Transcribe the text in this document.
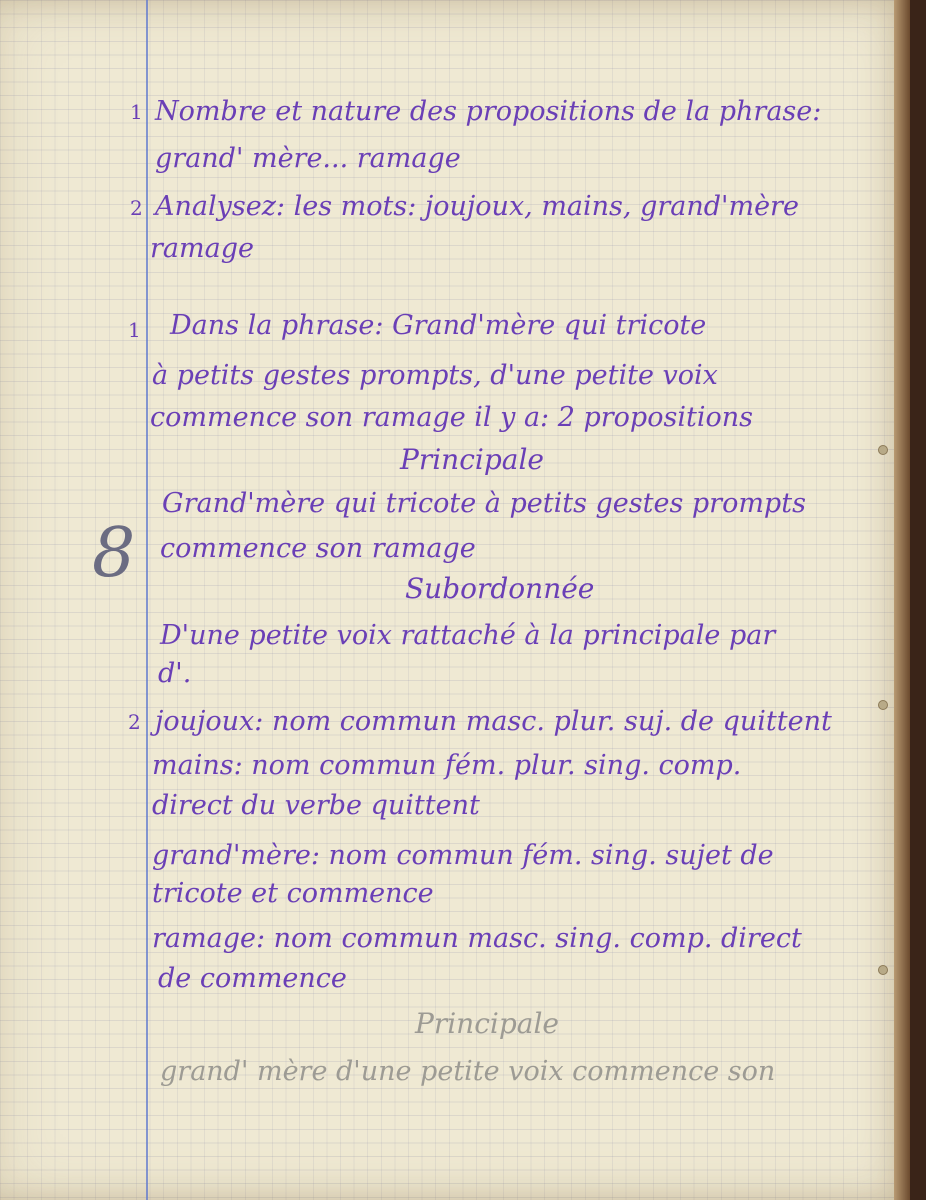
1 Nombre et nature des propositions de la phrase:

grand' mère... ramage

2 Analysez: les mots: joujoux, mains, grand'mère

ramage

1 Dans la phrase: Grand'mère qui tricote

à petits gestes prompts, d'une petite voix

commence son ramage il y a: 2 propositions

Principale

Grand'mère qui tricote à petits gestes prompts

commence son ramage

Subordonnée

D'une petite voix rattaché à la principale par

d'.

2 joujoux: nom commun masc. plur. suj. de quittent

mains: nom commun fém. plur. sing. comp.

direct du verbe quittent

grand'mère: nom commun fém. sing. sujet de

tricote et commence

ramage: nom commun masc. sing. comp. direct

de commence

Principale

grand' mère d'une petite voix commence son

8
